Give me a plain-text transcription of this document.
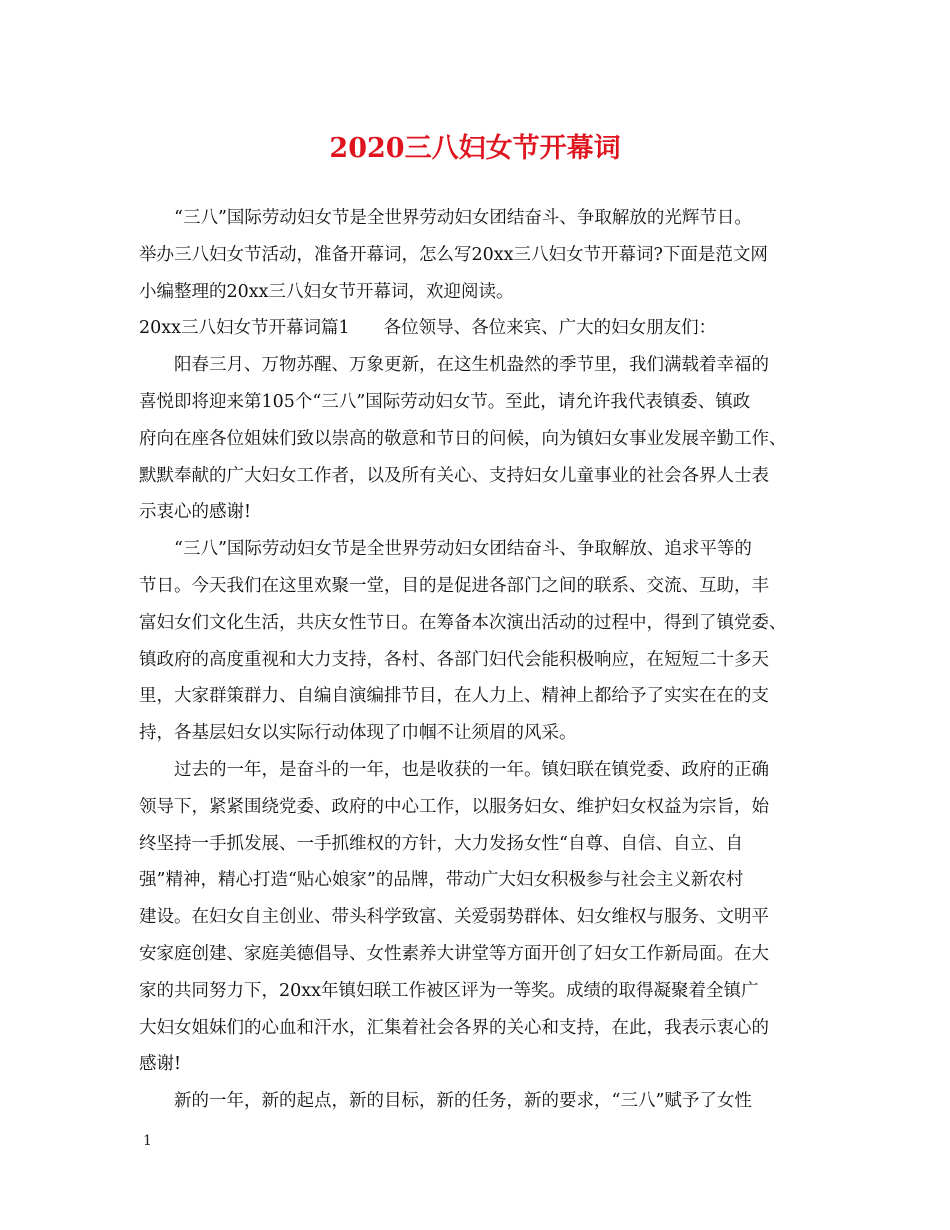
2020三八妇女节开幕词
“三八”国际劳动妇女节是全世界劳动妇女团结奋斗、争取解放的光辉节日。
举办三八妇女节活动，准备开幕词，怎么写20xx三八妇女节开幕词?下面是范文网
小编整理的20xx三八妇女节开幕词，欢迎阅读。
20xx三八妇女节开幕词篇1 各位领导、各位来宾、广大的妇女朋友们：
阳春三月、万物苏醒、万象更新，在这生机盎然的季节里，我们满载着幸福的
喜悦即将迎来第105个“三八”国际劳动妇女节。至此，请允许我代表镇委、镇政
府向在座各位姐妹们致以崇高的敬意和节日的问候，向为镇妇女事业发展辛勤工作、
默默奉献的广大妇女工作者，以及所有关心、支持妇女儿童事业的社会各界人士表
示衷心的感谢!
“三八”国际劳动妇女节是全世界劳动妇女团结奋斗、争取解放、追求平等的
节日。今天我们在这里欢聚一堂，目的是促进各部门之间的联系、交流、互助，丰
富妇女们文化生活，共庆女性节日。在筹备本次演出活动的过程中，得到了镇党委、
镇政府的高度重视和大力支持，各村、各部门妇代会能积极响应，在短短二十多天
里，大家群策群力、自编自演编排节目，在人力上、精神上都给予了实实在在的支
持，各基层妇女以实际行动体现了巾帼不让须眉的风采。
过去的一年，是奋斗的一年，也是收获的一年。镇妇联在镇党委、政府的正确
领导下，紧紧围绕党委、政府的中心工作，以服务妇女、维护妇女权益为宗旨，始
终坚持一手抓发展、一手抓维权的方针，大力发扬女性“自尊、自信、自立、自
强”精神，精心打造“贴心娘家”的品牌，带动广大妇女积极参与社会主义新农村
建设。在妇女自主创业、带头科学致富、关爱弱势群体、妇女维权与服务、文明平
安家庭创建、家庭美德倡导、女性素养大讲堂等方面开创了妇女工作新局面。在大
家的共同努力下，20xx年镇妇联工作被区评为一等奖。成绩的取得凝聚着全镇广
大妇女姐妹们的心血和汗水，汇集着社会各界的关心和支持，在此，我表示衷心的
感谢!
新的一年，新的起点，新的目标，新的任务，新的要求，“三八”赋予了女性
1
